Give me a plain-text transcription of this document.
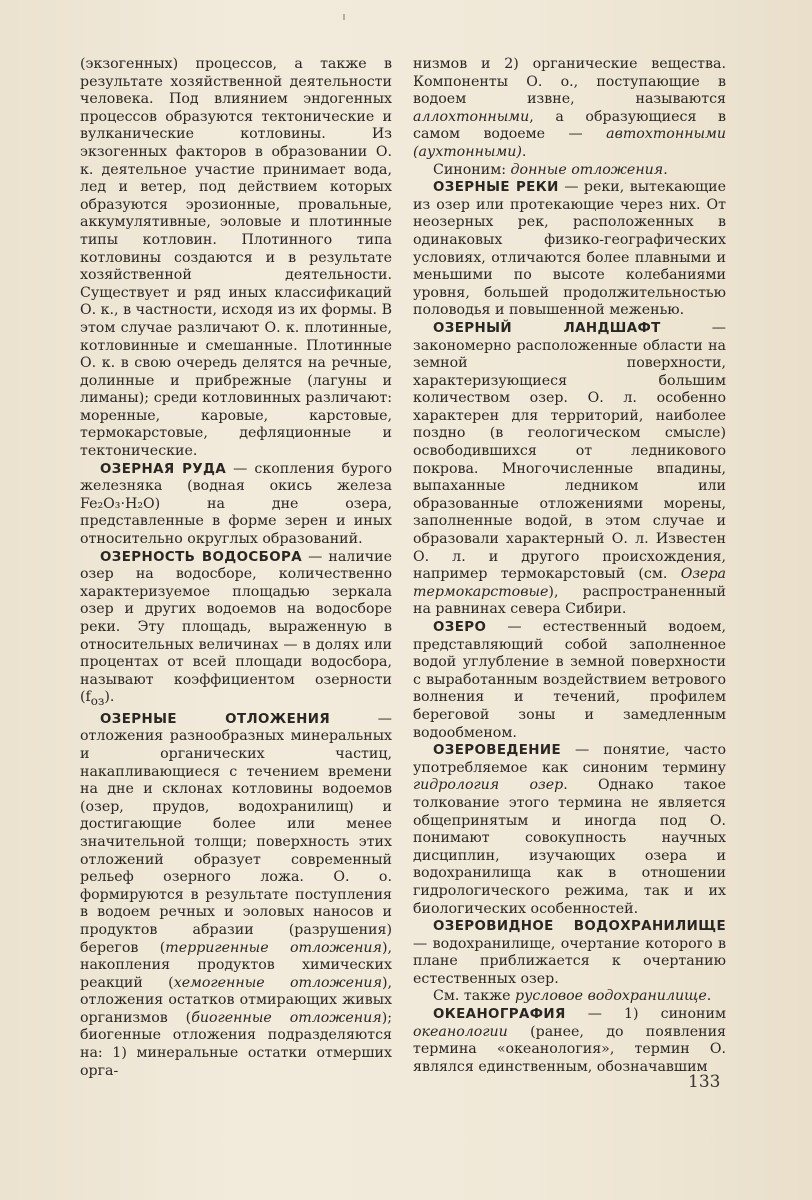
(экзогенных) процессов, а также в результате хозяйственной деятельности человека. Под влиянием эндогенных процессов образуются тектонические и вулканические котловины. Из экзогенных факторов в образовании О. к. деятельное участие принимает вода, лед и ветер, под действием которых образуются эрозионные, провальные, аккумулятивные, эоловые и плотинные типы котловин. Плотинного типа котловины создаются и в результате хозяйственной деятельности. Существует и ряд иных классификаций О. к., в частности, исходя из их формы. В этом случае различают О. к. плотинные, котловинные и смешанные. Плотинные О. к. в свою очередь делятся на речные, долинные и прибрежные (лагуны и лиманы); среди котловинных различают: моренные, каровые, карстовые, термокарстовые, дефляционные и тектонические.

ОЗЕРНАЯ РУДА — скопления бурого железняка (водная окись железа Fe₂O₃·H₂O) на дне озера, представленные в форме зерен и иных относительно округлых образований.

ОЗЕРНОСТЬ ВОДОСБОРА — наличие озер на водосборе, количественно характеризуемое площадью зеркала озер и других водоемов на водосборе реки. Эту площадь, выраженную в относительных величинах — в долях или процентах от всей площади водосбора, называют коэффициентом озерности $(f_{оз})$.

ОЗЕРНЫЕ ОТЛОЖЕНИЯ — отложения разнообразных минеральных и органических частиц, накапливающиеся с течением времени на дне и склонах котловины водоемов (озер, прудов, водохранилищ) и достигающие более или менее значительной толщи; поверхность этих отложений образует современный рельеф озерного ложа. О. о. формируются в результате поступления в водоем речных и эоловых наносов и продуктов абразии (разрушения) берегов (терригенные отложения), накопления продуктов химических реакций (хемогенные отложения), отложения остатков отмирающих живых организмов (биогенные отложения); биогенные отложения подразделяются на: 1) минеральные остатки отмерших орга-

низмов и 2) органические вещества. Компоненты О. о., поступающие в водоем извне, называются аллохтонными, а образующиеся в самом водоеме — автохтонными (аухтонными).

Синоним: донные отложения.

ОЗЕРНЫЕ РЕКИ — реки, вытекающие из озер или протекающие через них. От неозерных рек, расположенных в одинаковых физико-географических условиях, отличаются более плавными и меньшими по высоте колебаниями уровня, большей продолжительностью половодья и повышенной меженью.

ОЗЕРНЫЙ ЛАНДШАФТ — закономерно расположенные области на земной поверхности, характеризующиеся большим количеством озер. О. л. особенно характерен для территорий, наиболее поздно (в геологическом смысле) освободившихся от ледникового покрова. Многочисленные впадины, выпаханные ледником или образованные отложениями морены, заполненные водой, в этом случае и образовали характерный О. л. Известен О. л. и другого происхождения, например термокарстовый (см. Озера термокарстовые), распространенный на равнинах севера Сибири.

ОЗЕРО — естественный водоем, представляющий собой заполненное водой углубление в земной поверхности с выработанным воздействием ветрового волнения и течений, профилем береговой зоны и замедленным водообменом.

ОЗЕРОВЕДЕНИЕ — понятие, часто употребляемое как синоним термину гидрология озер. Однако такое толкование этого термина не является общепринятым и иногда под О. понимают совокупность научных дисциплин, изучающих озера и водохранилища как в отношении гидрологического режима, так и их биологических особенностей.

ОЗЕРОВИДНОЕ ВОДОХРАНИЛИЩЕ — водохранилище, очертание которого в плане приближается к очертанию естественных озер.

См. также русловое водохранилище.

ОКЕАНОГРАФИЯ — 1) синоним океанологии (ранее, до появления термина «океанология», термин О. являлся единственным, обозначавшим

133
